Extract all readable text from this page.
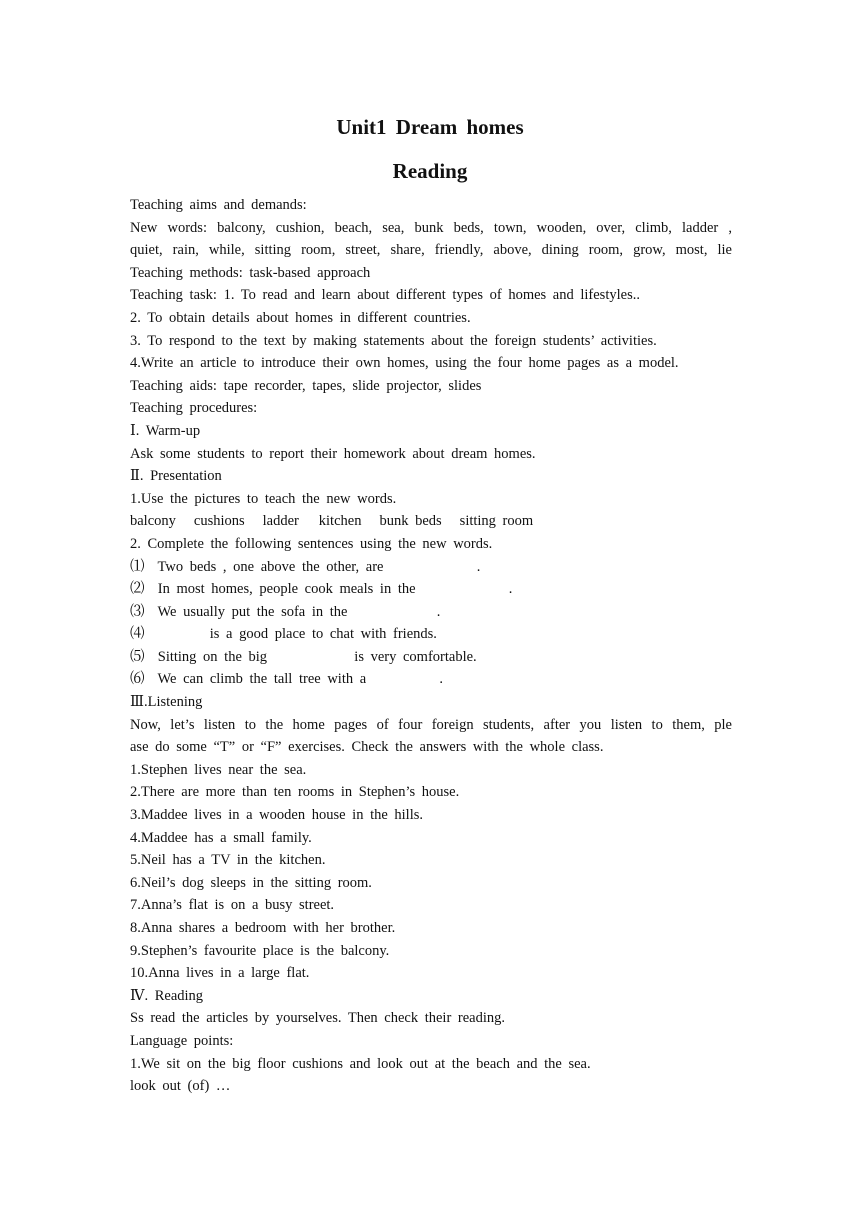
Unit1 Dream homes
Reading
Teaching aims and demands:
New words: balcony, cushion, beach, sea, bunk beds, town, wooden, over, climb, ladder ,
quiet, rain, while, sitting room, street, share, friendly, above, dining room, grow, most, lie
Teaching methods: task-based approach
Teaching task: 1. To read and learn about different types of homes and lifestyles..
2. To obtain details about homes in different countries.
3. To respond to the text by making statements about the foreign students’ activities.
4.Write an article to introduce their own homes, using the four home pages as a model.
Teaching aids: tape recorder, tapes, slide projector, slides
Teaching procedures:
Ⅰ. Warm-up
Ask some students to report their homework about dream homes.
Ⅱ. Presentation
1.Use the pictures to teach the new words.
balcony cushions ladder kitchen bunk beds sitting room
2. Complete the following sentences using the new words.
⑴ Two beds , one above the other, are	.
⑵ In most homes, people cook meals in the	.
⑶ We usually put the sofa in the	.
⑷	is a good place to chat with friends.
⑸ Sitting on the big	is very comfortable.
⑹ We can climb the tall tree with a	.
Ⅲ.Listening
Now, let’s listen to the home pages of four foreign students, after you listen to them, ple
ase do some “T” or “F” exercises. Check the answers with the whole class.
1.Stephen lives near the sea.
2.There are more than ten rooms in Stephen’s house.
3.Maddee lives in a wooden house in the hills.
4.Maddee has a small family.
5.Neil has a TV in the kitchen.
6.Neil’s dog sleeps in the sitting room.
7.Anna’s flat is on a busy street.
8.Anna shares a bedroom with her brother.
9.Stephen’s favourite place is the balcony.
10.Anna lives in a large flat.
Ⅳ. Reading
Ss read the articles by yourselves. Then check their reading.
Language points:
1.We sit on the big floor cushions and look out at the beach and the sea.
look out (of) …
